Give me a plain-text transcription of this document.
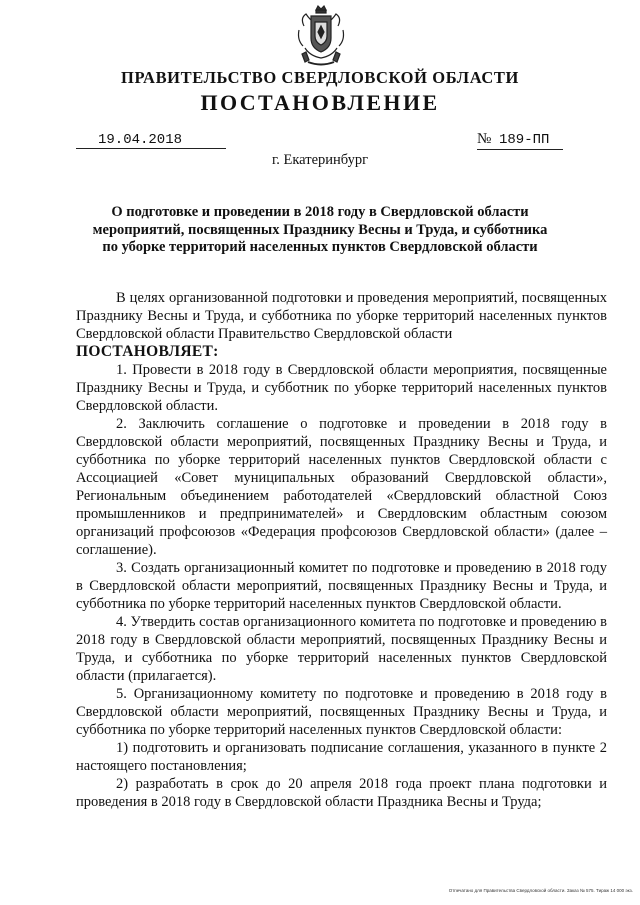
ПРАВИТЕЛЬСТВО СВЕРДЛОВСКОЙ ОБЛАСТИ
ПОСТАНОВЛЕНИЕ
19.04.2018	№ 189-ПП
г. Екатеринбург
О подготовке и проведении в 2018 году в Свердловской области
мероприятий, посвященных Празднику Весны и Труда, и субботника
по уборке территорий населенных пунктов Свердловской области

В целях организованной подготовки и проведения мероприятий, посвященных Празднику Весны и Труда, и субботника по уборке территорий населенных пунктов Свердловской области Правительство Свердловской области

ПОСТАНОВЛЯЕТ:

1. Провести в 2018 году в Свердловской области мероприятия, посвященные Празднику Весны и Труда, и субботник по уборке территорий населенных пунктов Свердловской области.

2. Заключить соглашение о подготовке и проведении в 2018 году в Свердловской области мероприятий, посвященных Празднику Весны и Труда, и субботника по уборке территорий населенных пунктов Свердловской области с Ассоциацией «Совет муниципальных образований Свердловской области», Региональным объединением работодателей «Свердловский областной Союз промышленников и предпринимателей» и Свердловским областным союзом организаций профсоюзов «Федерация профсоюзов Свердловской области» (далее – соглашение).

3. Создать организационный комитет по подготовке и проведению в 2018 году в Свердловской области мероприятий, посвященных Празднику Весны и Труда, и субботника по уборке территорий населенных пунктов Свердловской области.

4. Утвердить состав организационного комитета по подготовке и проведению в 2018 году в Свердловской области мероприятий, посвященных Празднику Весны и Труда, и субботника по уборке территорий населенных пунктов Свердловской области (прилагается).

5. Организационному комитету по подготовке и проведению в 2018 году в Свердловской области мероприятий, посвященных Празднику Весны и Труда, и субботника по уборке территорий населенных пунктов Свердловской области:

1) подготовить и организовать подписание соглашения, указанного в пункте 2 настоящего постановления;

2) разработать в срок до 20 апреля 2018 года проект плана подготовки и проведения в 2018 году в Свердловской области Праздника Весны и Труда;

Отпечатано для Правительства Свердловской области. Заказ № 575. Тираж 14 000 экз.
